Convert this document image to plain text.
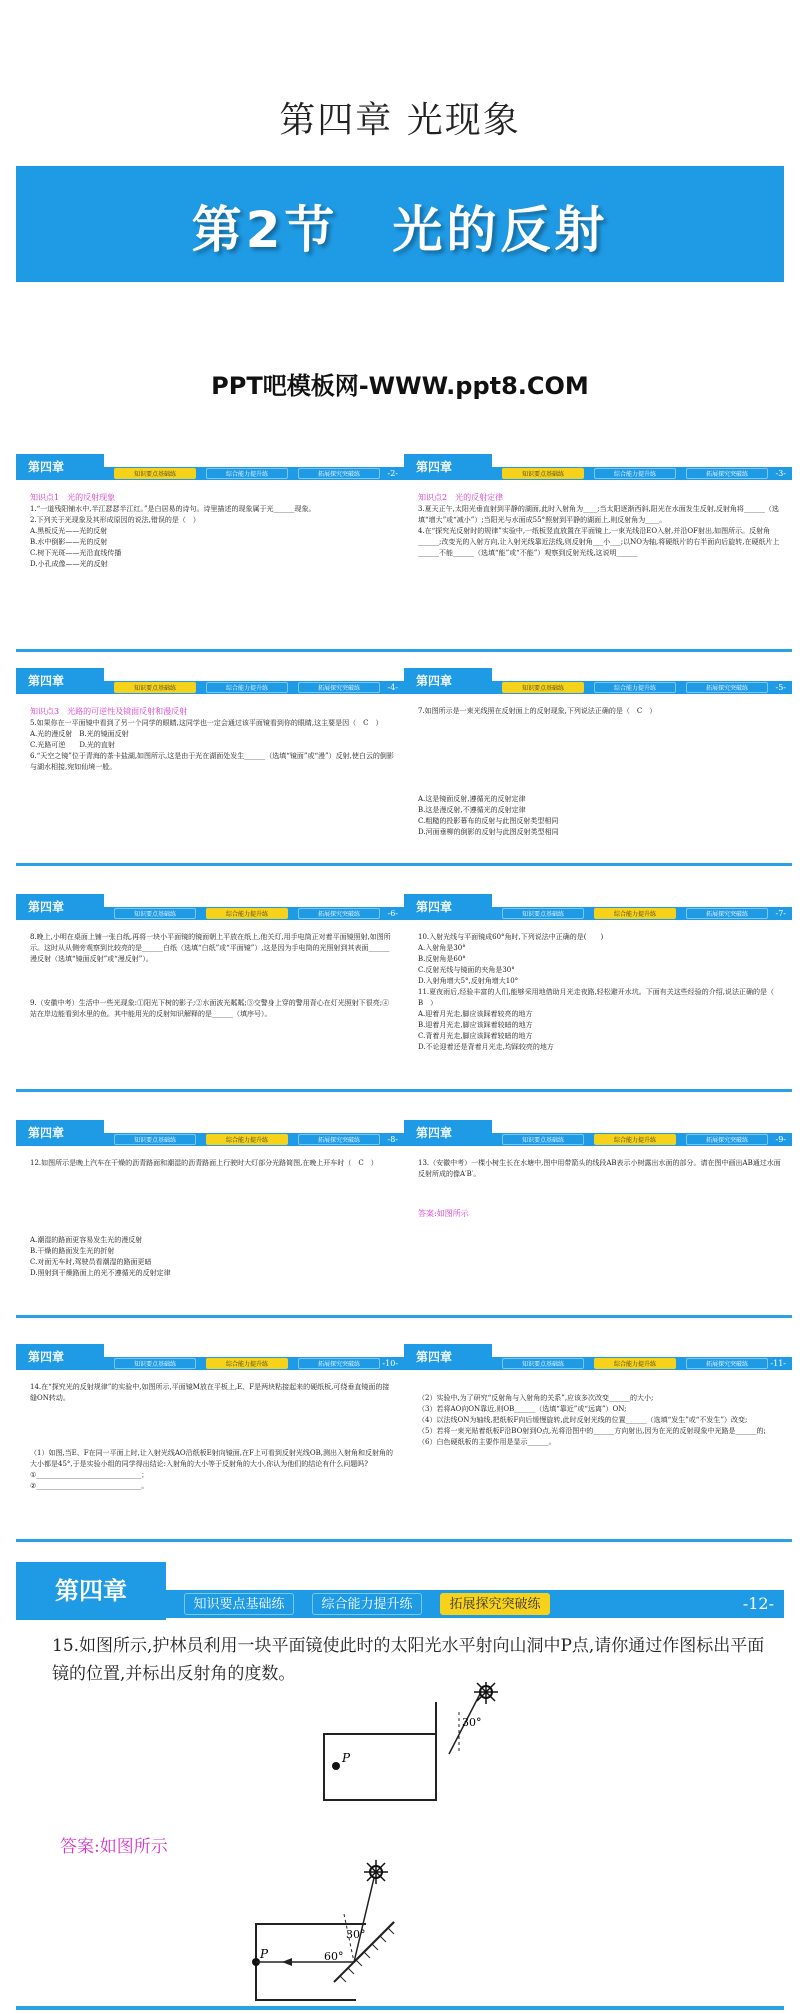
第四章 光现象
第2节　光的反射
PPT吧模板网-WWW.ppt8.COM
第四章
知识要点基础练	综合能力提升练	拓展探究突破练	-2-
知识点1　光的反射现象
1.“一道残阳铺水中,半江瑟瑟半江红。”是白居易的诗句。诗里描述的现象属于光______现象。
2.下列关于光现象及其形成原因的说法,错误的是（　）
A.黑板反光——光的反射
B.水中倒影——光的反射
C.树下光斑——光沿直线传播
D.小孔成像——光的反射
第四章
知识要点基础练	综合能力提升练	拓展探究突破练	-3-
知识点2　光的反射定律
3.夏天正午,太阳光垂直射到平静的湖面,此时入射角为____;当太阳逐渐西斜,阳光在水面发生反射,反射角将______（选填“增大”或“减小”）;当阳光与水面成55°照射到平静的湖面上,则反射角为____。
4.在“探究光反射时的规律”实验中,一纸板竖直放置在平面镜上,一束光线沿EO入射,并沿OF射出,如图所示。反射角______;改变光的入射方向,让入射光线靠近法线,则反射角___小___;以NO为轴,将硬纸片的右半面向后旋转,在硬纸片上______不能______（选填“能”或“不能”）观察到反射光线,这说明______
第四章
知识要点基础练	综合能力提升练	拓展探究突破练	-4-
知识点3　光路的可逆性及镜面反射和漫反射
5.如果你在一平面镜中看到了另一个同学的眼睛,这同学也一定会通过该平面镜看到你的眼睛,这主要是因（　C　）
A.光的漫反射　B.光的镜面反射
C.光路可逆　　D.光的直射
6.“天空之镜”位于青海的茶卡盐湖,如图所示,这是由于光在湖面处发生______（选填“镜面”或“漫”）反射,使白云的倒影与湖水相接,宛如仙境一般。
第四章
知识要点基础练	综合能力提升练	拓展探究突破练	-5-
7.如图所示是一束光线照在反射面上的反射现象,下列说法正确的是（　C　）
A.这是镜面反射,遵循光的反射定律
B.这是漫反射,不遵循光的反射定律
C.粗糙的投影幕布的反射与此图反射类型相同
D.河面垂柳的倒影的反射与此图反射类型相同
第四章
知识要点基础练	综合能力提升练	拓展探究突破练	-6-
8.晚上,小明在桌面上铺一张白纸,再将一块小平面镜的镜面朝上平放在纸上,他关灯,用手电筒正对着平面镜照射,如图所示。这时从从侧旁观察到比较亮的是______白纸（选填“白纸”或“平面镜”）,这是因为手电筒的光照射到其表面______漫反射（选填“镜面反射”或“漫反射”）。
9.（安徽中考）生活中一些光现象:①阳光下树的影子;②水面波光粼粼;③交警身上穿的警用背心在灯光照射下很亮;④站在岸边能看到水里的鱼。其中能用光的反射知识解释的是______（填序号）。
第四章
知识要点基础练	综合能力提升练	拓展探究突破练	-7-
10.入射光线与平面镜成60°角时,下列说法中正确的是(　　)
A.入射角是30°
B.反射角是60°
C.反射光线与镜面的夹角是30°
D.入射角增大5°,反射角增大10°
11.夏夜雨后,经验丰富的人们,能够采用地借助月光走夜路,轻松避开水坑。下面有关这些经验的介绍,说法正确的是（　B　）
A.迎着月光走,脚应该踩着较亮的地方
B.迎着月光走,脚应该踩着较暗的地方
C.背着月光走,脚应该踩着较暗的地方
D.不论迎着还是背着月光走,均踩较亮的地方
第四章
知识要点基础练	综合能力提升练	拓展探究突破练	-8-
12.如图所示是晚上汽车在干燥的沥青路面和潮湿的沥青路面上行驶时大灯部分光路简图,在晚上开车时（　C　）
A.潮湿的路面更容易发生光的漫反射
B.干燥的路面发生光的折射
C.对面无车时,驾驶员看潮湿的路面更暗
D.照射到干燥路面上的光不遵循光的反射定律
第四章
知识要点基础练	综合能力提升练	拓展探究突破练	-9-
13.（安徽中考）一棵小树生长在水塘中,图中用带箭头的线段AB表示小树露出水面的部分。请在图中画出AB通过水面反射所成的像A′B′。
答案:如图所示
第四章
知识要点基础练	综合能力提升练	拓展探究突破练	-10-
14.在“探究光的反射规律”的实验中,如图所示,平面镜M放在平板上,E、F是两块粘接起来的硬纸板,可绕垂直镜面的接缝ON转动。
（1）如图,当E、F在同一平面上时,让入射光线AO沿纸板E射向镜面,在F上可看到反射光线OB,测出入射角和反射角的大小都是45°,于是实验小组的同学得出结论:入射角的大小等于反射角的大小,你认为他们的结论有什么问题吗?
①______________________________；
②______________________________。
第四章
知识要点基础练	综合能力提升练	拓展探究突破练	-11-
（2）实验中,为了研究“反射角与入射角的关系”,应该多次改变______的大小;
（3）若将AO向ON靠近,则OB______（选填“靠近”或“远离”）ON;
（4）以法线ON为轴线,把纸板F向后缓慢旋转,此时反射光线的位置______（选填“发生”或“不发生”）改变;
（5）若将一束光贴着纸板F沿BO射到O点,光将沿图中的______方向射出,因为在光的反射现象中光路是______的;
（6）白色硬纸板的主要作用是显示______。
第四章	知识要点基础练	综合能力提升练	拓展探究突破练	-12-
15.如图所示,护林员利用一块平面镜使此时的太阳光水平射向山洞中P点,请你通过作图标出平面镜的位置,并标出反射角的度数。
P
30°
答案:如图所示
P
30°
60°
